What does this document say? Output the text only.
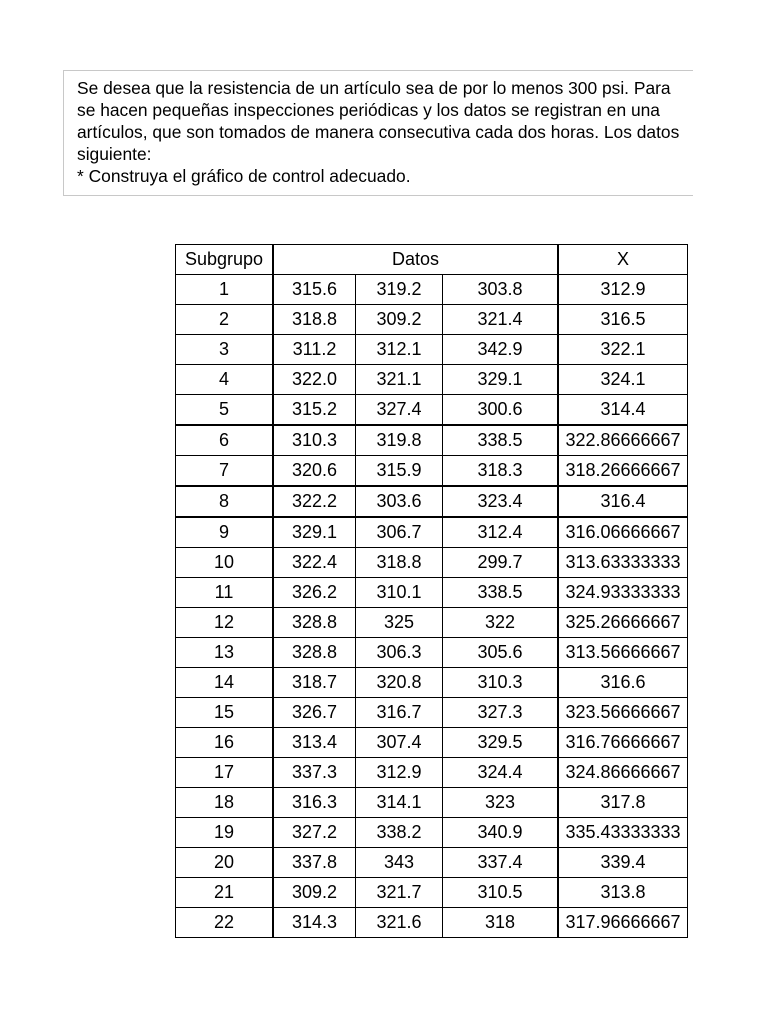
Se desea que la resistencia de un artículo sea de por lo menos 300 psi. Para
se hacen pequeñas inspecciones periódicas y los datos se registran en una
artículos, que son tomados de manera consecutiva cada dos horas. Los datos
siguiente:
* Construya el gráfico de control adecuado.
Subgrupo	Datos			X

1	315.6	319.2	303.8	312.9
2	318.8	309.2	321.4	316.5
3	311.2	312.1	342.9	322.1
4	322.0	321.1	329.1	324.1
5	315.2	327.4	300.6	314.4
6	310.3	319.8	338.5	322.86666667
7	320.6	315.9	318.3	318.26666667
8	322.2	303.6	323.4	316.4
9	329.1	306.7	312.4	316.06666667
10	322.4	318.8	299.7	313.63333333
11	326.2	310.1	338.5	324.93333333
12	328.8	325	322	325.26666667
13	328.8	306.3	305.6	313.56666667
14	318.7	320.8	310.3	316.6
15	326.7	316.7	327.3	323.56666667
16	313.4	307.4	329.5	316.76666667
17	337.3	312.9	324.4	324.86666667
18	316.3	314.1	323	317.8
19	327.2	338.2	340.9	335.43333333
20	337.8	343	337.4	339.4
21	309.2	321.7	310.5	313.8
22	314.3	321.6	318	317.96666667
